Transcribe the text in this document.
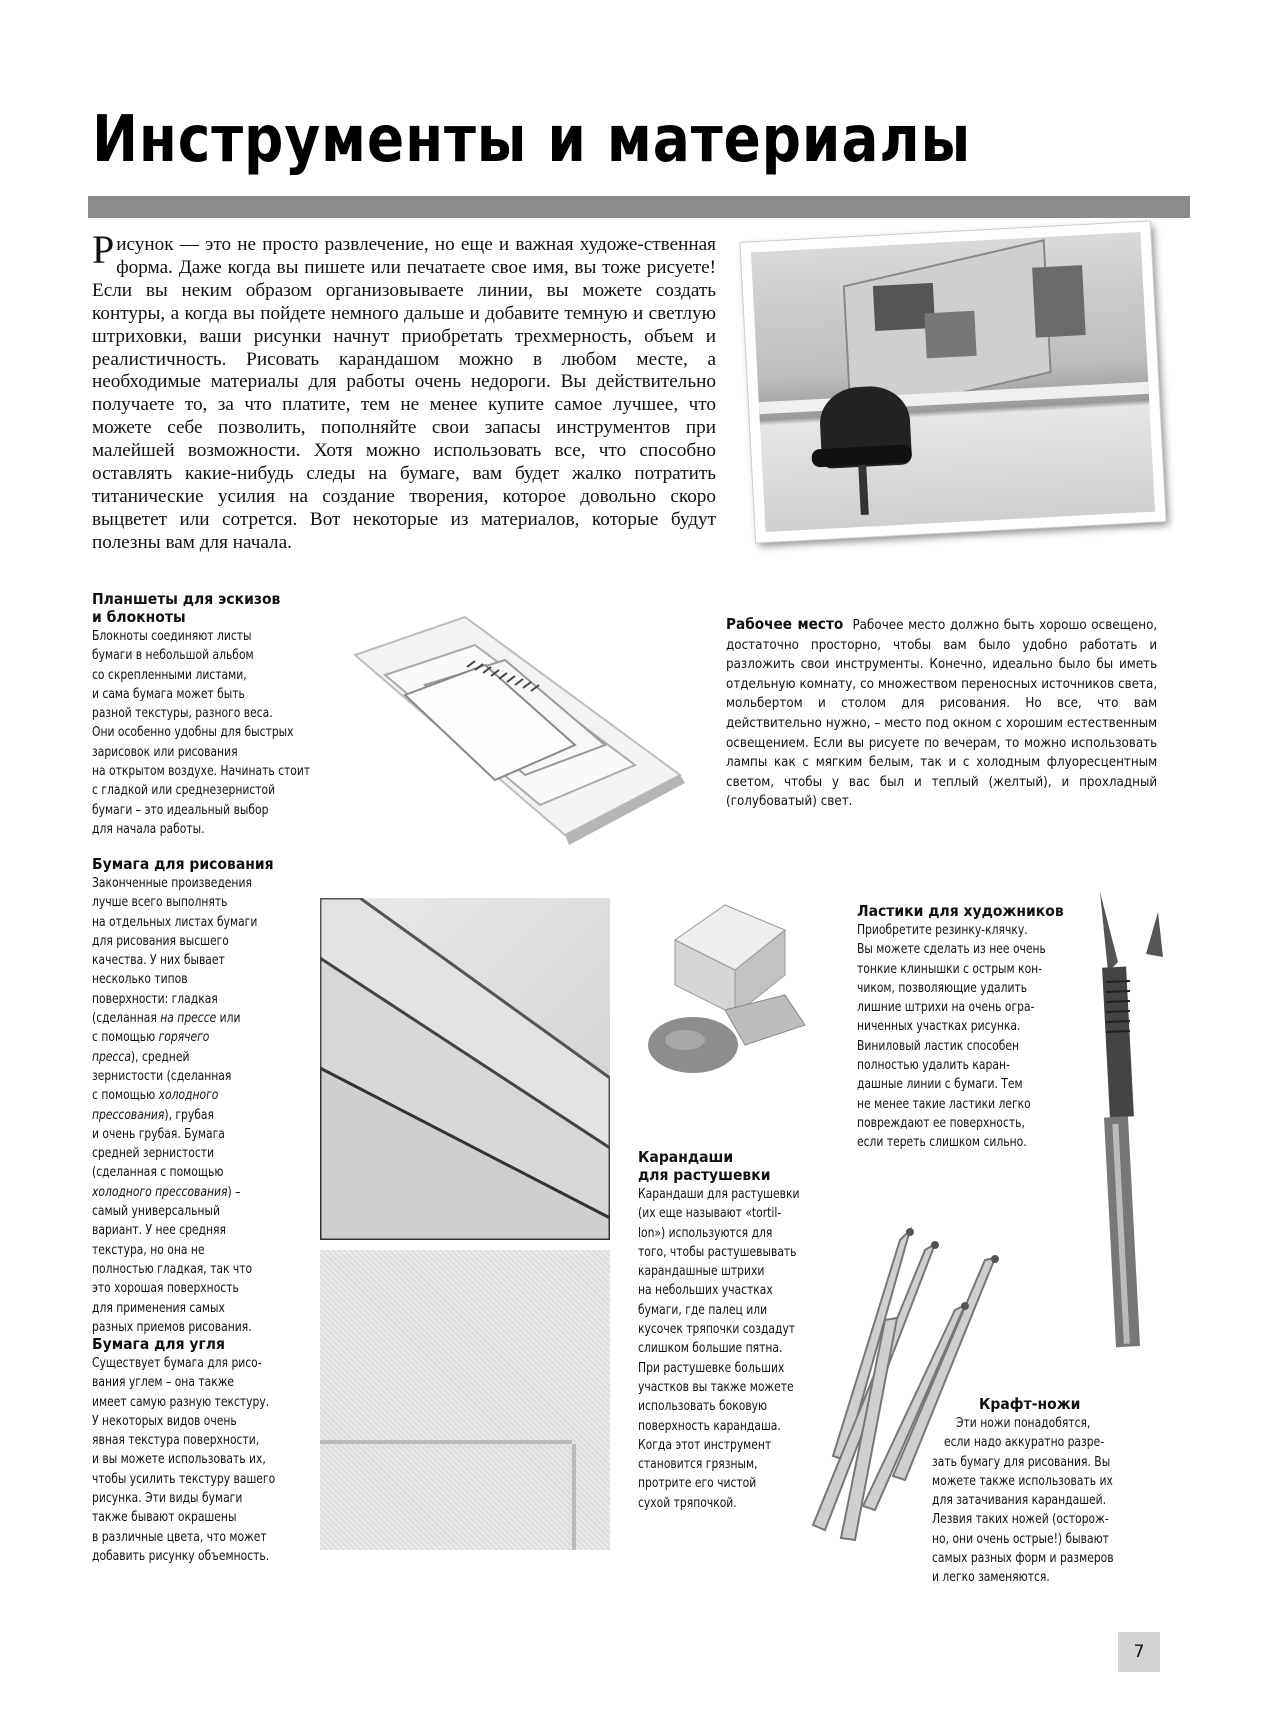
Инструменты и материалы
Рисунок — это не просто развлечение, но еще и важная художе-ственная форма. Даже когда вы пишете или печатаете свое имя, вы тоже рисуете! Если вы неким образом организовываете линии, вы можете создать контуры, а когда вы пойдете немного дальше и добавите темную и светлую штриховки, ваши рисунки начнут приобретать трехмерность, объем и реалистичность. Рисовать карандашом можно в любом месте, а необходимые материалы для работы очень недороги. Вы действительно получаете то, за что платите, тем не менее купите самое лучшее, что можете себе позволить, пополняйте свои запасы инструментов при малейшей возможности. Хотя можно использовать все, что способно оставлять какие-нибудь следы на бумаге, вам будет жалко потратить титанические усилия на создание творения, которое довольно скоро выцветет или сотрется. Вот некоторые из материалов, которые будут полезны вам для начала.
Планшеты для эскизов
и блокноты
Блокноты соединяют листы
бумаги в небольшой альбом
со скрепленными листами,
и сама бумага может быть
разной текстуры, разного веса.
Они особенно удобны для быстрых
зарисовок или рисования
на открытом воздухе. Начинать стоит
с гладкой или среднезернистой
бумаги – это идеальный выбор
для начала работы.
Рабочее место Рабочее место должно быть хорошо освещено, достаточно просторно, чтобы вам было удобно работать и разложить свои инструменты. Конечно, идеально было бы иметь отдельную комнату, со множеством переносных источников света, мольбертом и столом для рисования. Но все, что вам действительно нужно, – место под окном с хорошим естественным освещением. Если вы рисуете по вечерам, то можно использовать лампы как с мягким белым, так и с холодным флуоресцентным светом, чтобы у вас был и теплый (желтый), и прохладный (голубоватый) свет.
Бумага для рисования
Законченные произведения
лучше всего выполнять
на отдельных листах бумаги
для рисования высшего
качества. У них бывает
несколько типов
поверхности: гладкая
(сделанная на прессе или
с помощью горячего
пресса), средней
зернистости (сделанная
с помощью холодного
прессования), грубая
и очень грубая. Бумага
средней зернистости
(сделанная с помощью
холодного прессования) –
самый универсальный
вариант. У нее средняя
текстура, но она не
полностью гладкая, так что
это хорошая поверхность
для применения самых
разных приемов рисования.
Бумага для угля
Существует бумага для рисо-
вания углем – она также
имеет самую разную текстуру.
У некоторых видов очень
явная текстура поверхности,
и вы можете использовать их,
чтобы усилить текстуру вашего
рисунка. Эти виды бумаги
также бывают окрашены
в различные цвета, что может
добавить рисунку объемность.
Ластики для художников
Приобретите резинку-клячку.
Вы можете сделать из нее очень
тонкие клинышки с острым кон-
чиком, позволяющие удалить
лишние штрихи на очень огра-
ниченных участках рисунка.
Виниловый ластик способен
полностью удалить каран-
дашные линии с бумаги. Тем
не менее такие ластики легко
повреждают ее поверхность,
если тереть слишком сильно.
Карандаши
для растушевки
Карандаши для растушевки
(их еще называют «tortil-
lon») используются для
того, чтобы растушевывать
карандашные штрихи
на небольших участках
бумаги, где палец или
кусочек тряпочки создадут
слишком большие пятна.
При растушевке больших
участков вы также можете
использовать боковую
поверхность карандаша.
Когда этот инструмент
становится грязным,
протрите его чистой
сухой тряпочкой.
Крафт-ножи
Эти ножи понадобятся,
если надо аккуратно разре-
зать бумагу для рисования. Вы
можете также использовать их
для затачивания карандашей.
Лезвия таких ножей (осторож-
но, они очень острые!) бывают
самых разных форм и размеров
и легко заменяются.
7
